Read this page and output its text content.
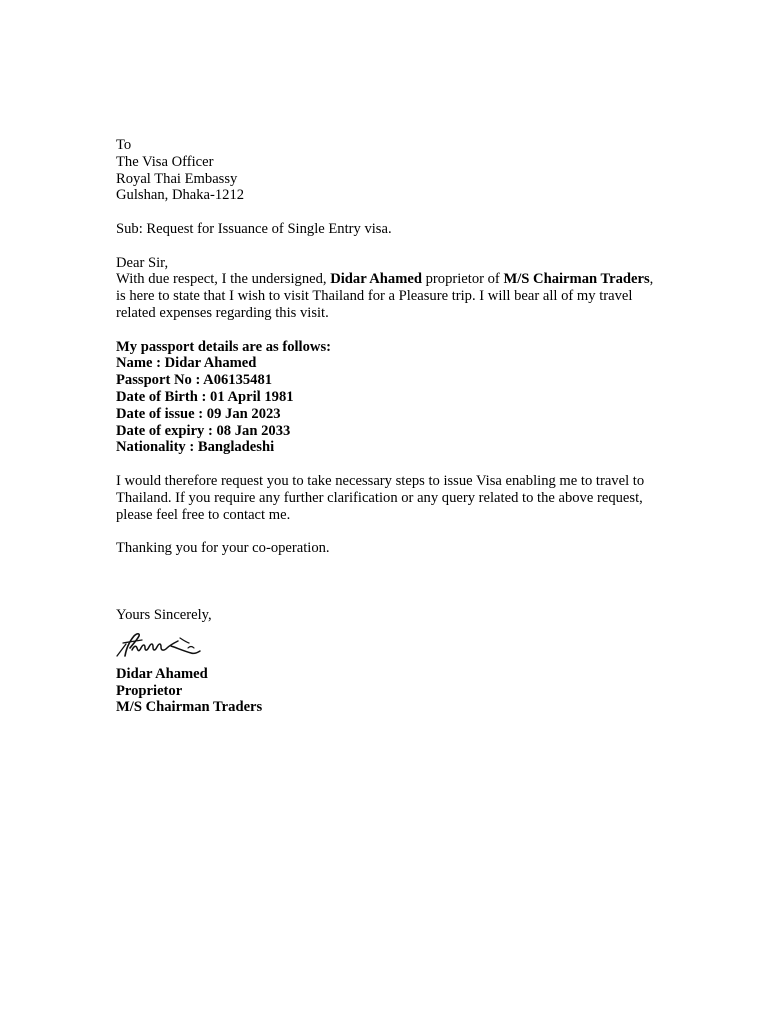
To
The Visa Officer
Royal Thai Embassy
Gulshan, Dhaka-1212
Sub: Request for Issuance of Single Entry visa.
Dear Sir,
With due respect, I the undersigned, Didar Ahamed proprietor of M/S Chairman Traders, is here to state that I wish to visit Thailand for a Pleasure trip. I will bear all of my travel related expenses regarding this visit.
My passport details are as follows:
Name : Didar Ahamed
Passport No : A06135481
Date of Birth : 01 April 1981
Date of issue : 09 Jan 2023
Date of expiry : 08 Jan 2033
Nationality : Bangladeshi
I would therefore request you to take necessary steps to issue Visa enabling me to travel to Thailand. If you require any further clarification or any query related to the above request, please feel free to contact me.
Thanking you for your co-operation.
Yours Sincerely,
Didar Ahamed
Proprietor
M/S Chairman Traders
